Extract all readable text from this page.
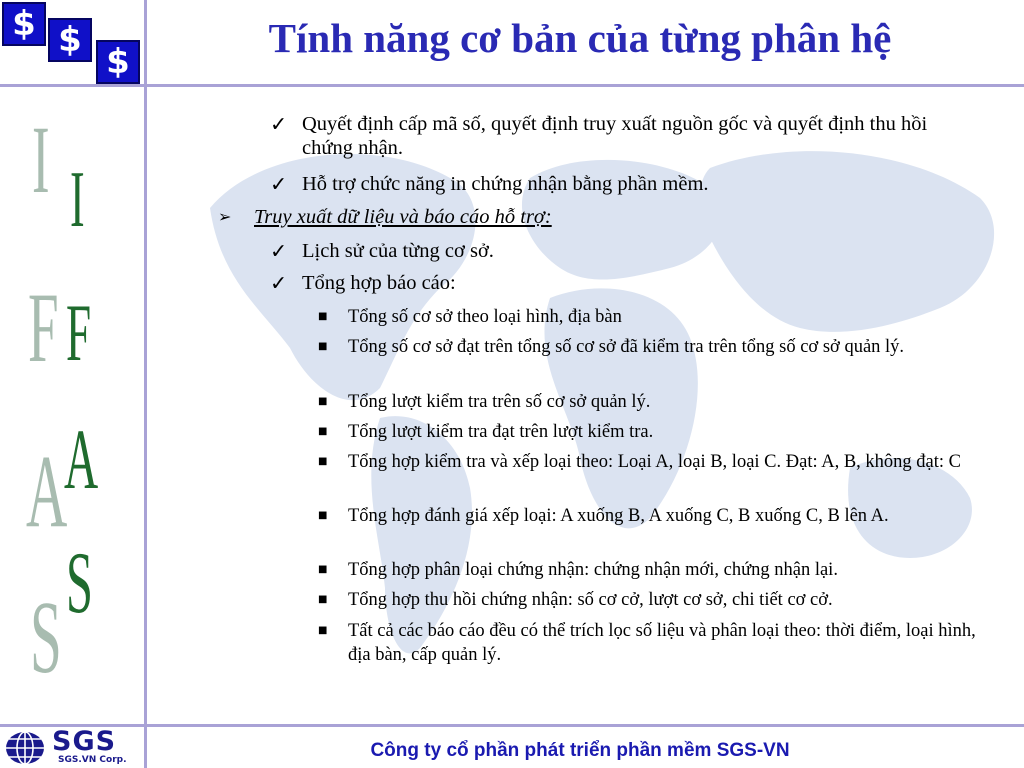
$ $
$
Tính năng cơ bản của từng phân hệ
I I
F F
A
A
S
S
✓ Quyết định cấp mã số, quyết định truy xuất nguồn gốc và quyết định thu hồi chứng nhận.
✓ Hỗ trợ chức năng in chứng nhận bằng phần mềm.
➢ Truy xuất dữ liệu và báo cáo hỗ trợ:
✓ Lịch sử của từng cơ sở.
✓ Tổng hợp báo cáo:
■ Tổng số cơ sở theo loại hình, địa bàn
■ Tổng số cơ sở đạt trên tổng số cơ sở đã kiểm tra trên tổng số cơ sở quản lý.
■ Tổng lượt kiểm tra trên số cơ sở quản lý.
■ Tổng lượt kiểm tra đạt trên lượt kiểm tra.
■ Tổng hợp kiểm tra và xếp loại theo: Loại A, loại B, loại C. Đạt: A, B, không đạt: C
■ Tổng hợp đánh giá xếp loại: A xuống B, A xuống C, B xuống C, B lên A.
■ Tổng hợp phân loại chứng nhận: chứng nhận mới, chứng nhận lại.
■ Tổng hợp thu hồi chứng nhận: số cơ cở, lượt cơ sở, chi tiết cơ cở.
■ Tất cả các báo cáo đều có thể trích lọc số liệu và phân loại theo: thời điểm, loại hình, địa bàn, cấp quản lý.
SGS
SGS.VN Corp.	Công ty cổ phần phát triển phần mềm SGS-VN
